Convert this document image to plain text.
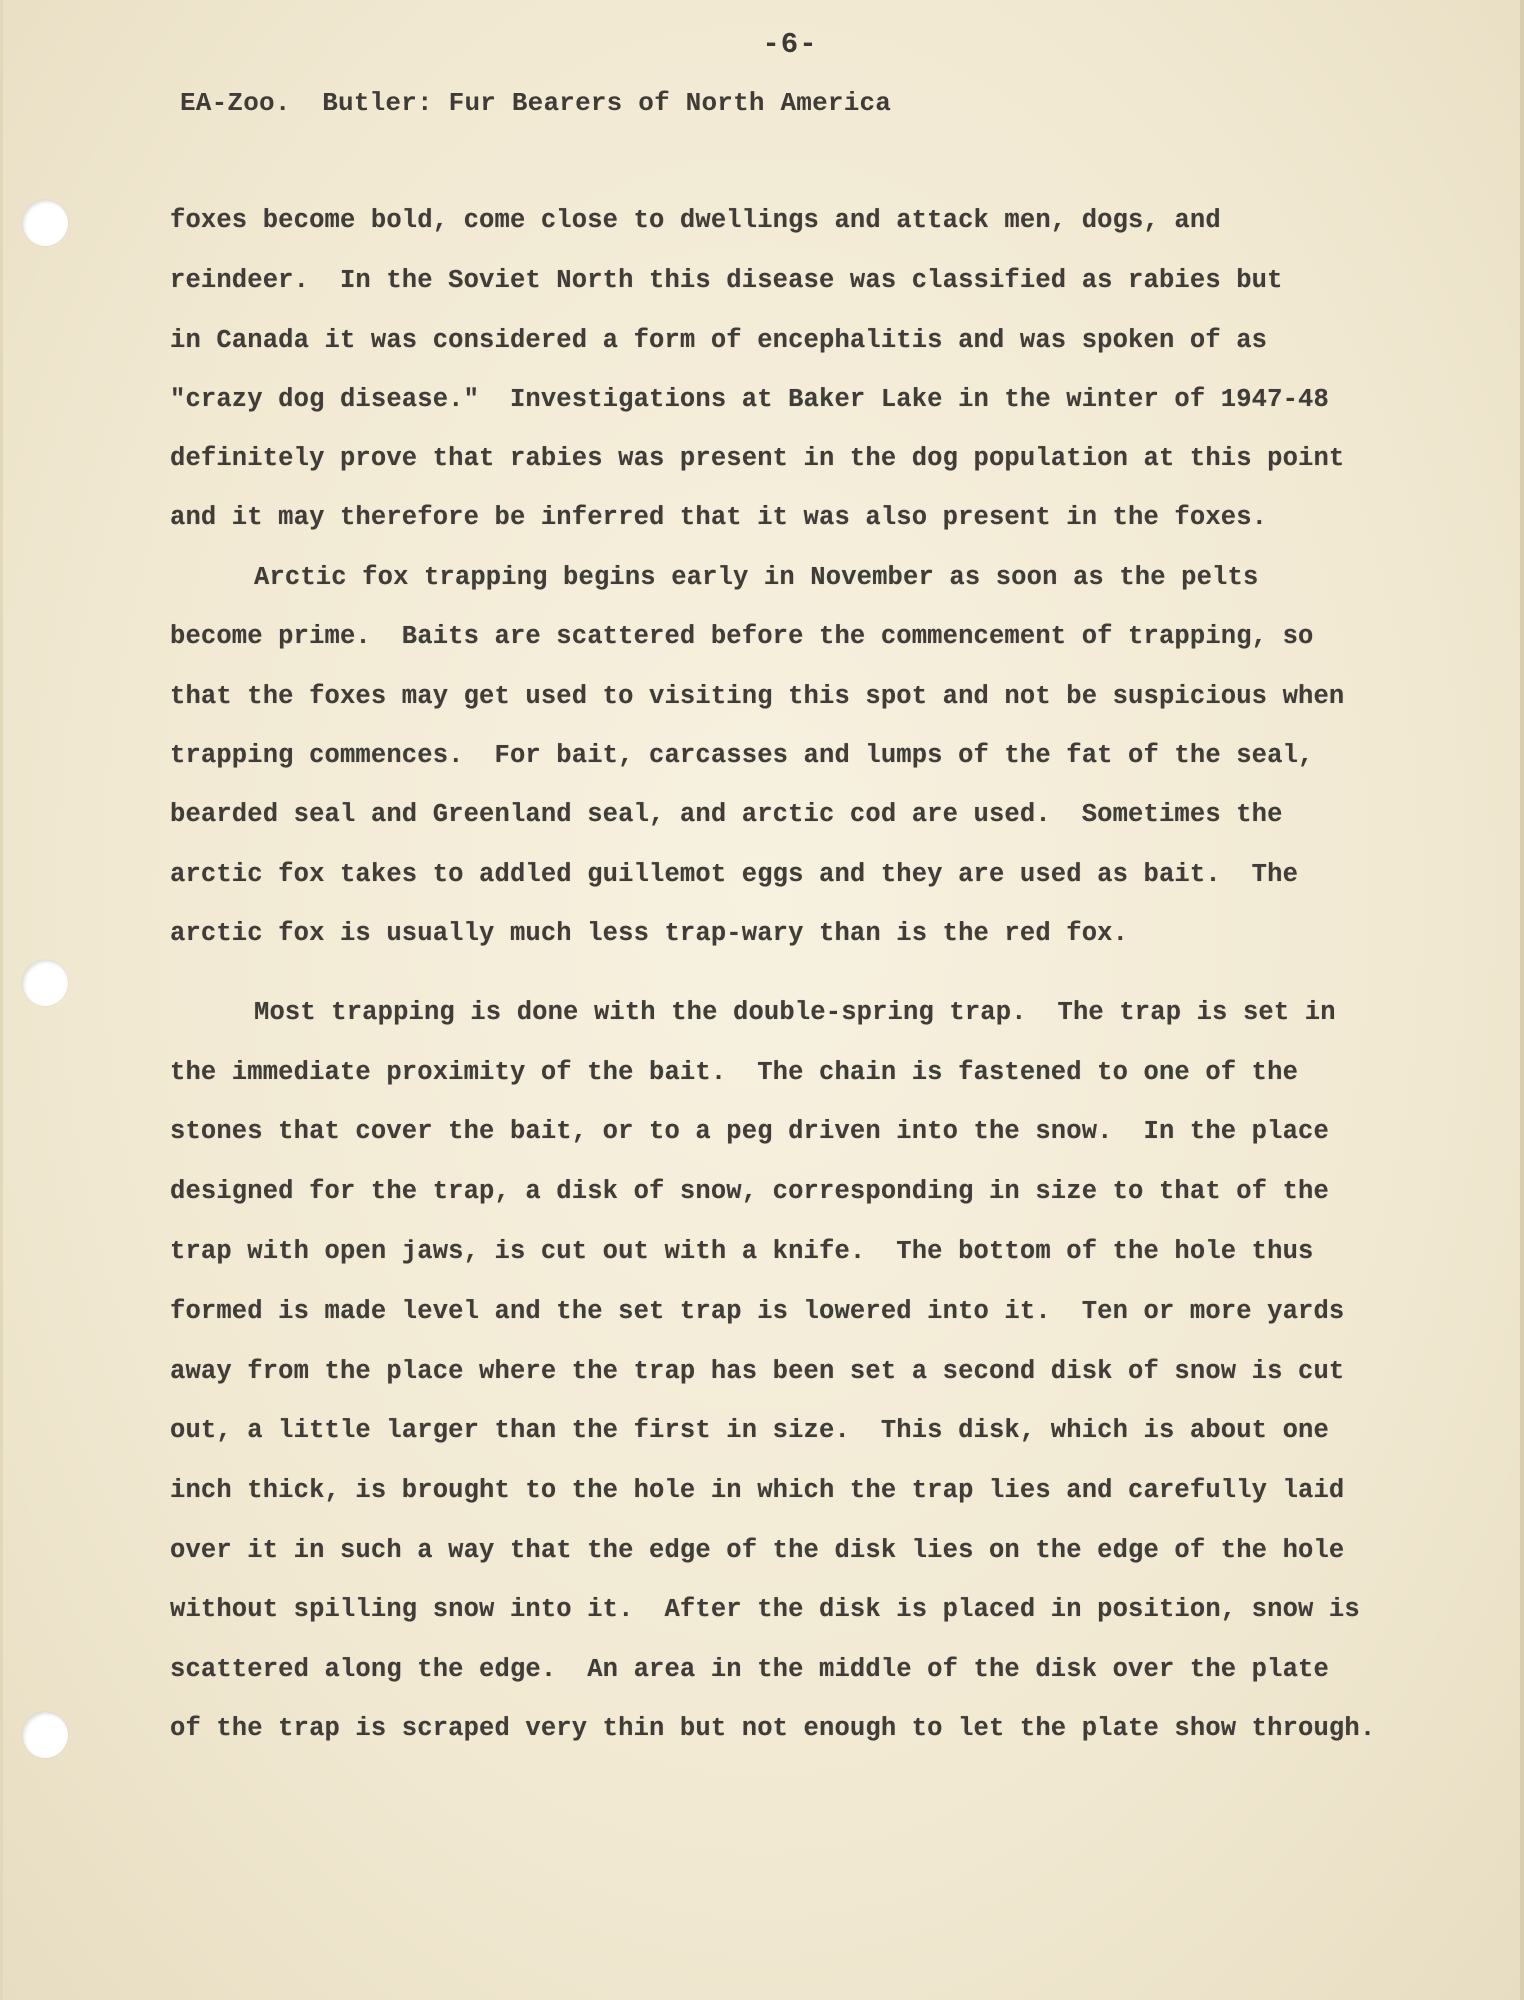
-6-
EA-Zoo.  Butler: Fur Bearers of North America
foxes become bold, come close to dwellings and attack men, dogs, and
reindeer.  In the Soviet North this disease was classified as rabies but
in Canada it was considered a form of encephalitis and was spoken of as
"crazy dog disease."  Investigations at Baker Lake in the winter of 1947-48
definitely prove that rabies was present in the dog population at this point
and it may therefore be inferred that it was also present in the foxes.
Arctic fox trapping begins early in November as soon as the pelts
become prime.  Baits are scattered before the commencement of trapping, so
that the foxes may get used to visiting this spot and not be suspicious when
trapping commences.  For bait, carcasses and lumps of the fat of the seal,
bearded seal and Greenland seal, and arctic cod are used.  Sometimes the
arctic fox takes to addled guillemot eggs and they are used as bait.  The
arctic fox is usually much less trap-wary than is the red fox.
Most trapping is done with the double-spring trap.  The trap is set in
the immediate proximity of the bait.  The chain is fastened to one of the
stones that cover the bait, or to a peg driven into the snow.  In the place
designed for the trap, a disk of snow, corresponding in size to that of the
trap with open jaws, is cut out with a knife.  The bottom of the hole thus
formed is made level and the set trap is lowered into it.  Ten or more yards
away from the place where the trap has been set a second disk of snow is cut
out, a little larger than the first in size.  This disk, which is about one
inch thick, is brought to the hole in which the trap lies and carefully laid
over it in such a way that the edge of the disk lies on the edge of the hole
without spilling snow into it.  After the disk is placed in position, snow is
scattered along the edge.  An area in the middle of the disk over the plate
of the trap is scraped very thin but not enough to let the plate show through.
